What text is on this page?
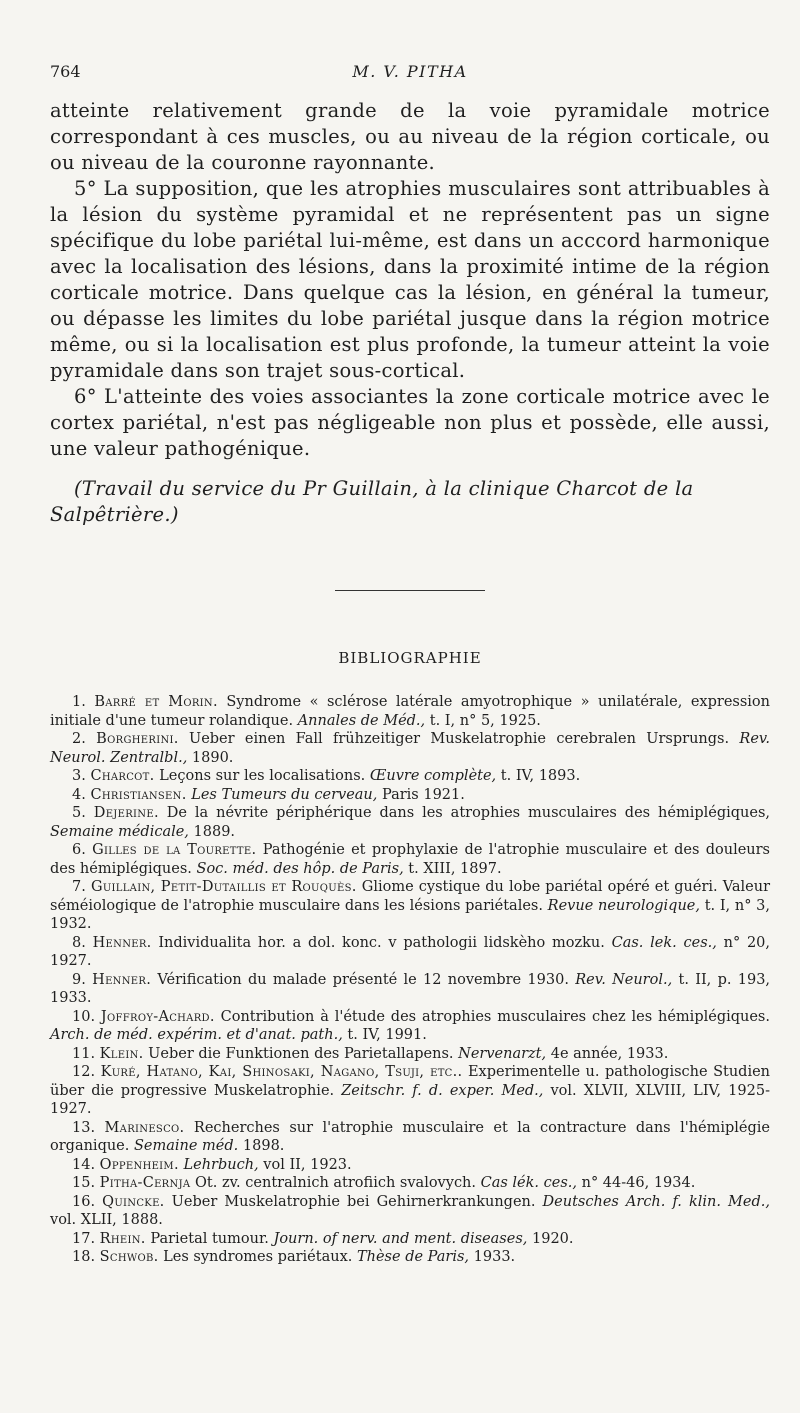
764	M. V. PITHA

atteinte relativement grande de la voie pyramidale motrice correspondant à ces muscles, ou au niveau de la région corticale, ou ou niveau de la couronne rayonnante.

5° La supposition, que les atrophies musculaires sont attribuables à la lésion du système pyramidal et ne représentent pas un signe spécifique du lobe pariétal lui-même, est dans un acccord harmonique avec la localisation des lésions, dans la proximité intime de la région corticale motrice. Dans quelque cas la lésion, en général la tumeur, ou dépasse les limites du lobe pariétal jusque dans la région motrice même, ou si la localisation est plus profonde, la tumeur atteint la voie pyramidale dans son trajet sous-cortical.

6° L'atteinte des voies associantes la zone corticale motrice avec le cortex pariétal, n'est pas négligeable non plus et possède, elle aussi, une valeur pathogénique.

(Travail du service du Pr Guillain, à la clinique Charcot de la Salpêtrière.)

BIBLIOGRAPHIE

1. Barré et Morin. Syndrome « sclérose latérale amyotrophique » unilatérale, expression initiale d'une tumeur rolandique. Annales de Méd., t. I, n° 5, 1925.

2. Borgherini. Ueber einen Fall frühzeitiger Muskelatrophie cerebralen Ursprungs. Rev. Neurol. Zentralbl., 1890.

3. Charcot. Leçons sur les localisations. Œuvre complète, t. IV, 1893.

4. Christiansen. Les Tumeurs du cerveau, Paris 1921.

5. Dejerine. De la névrite périphérique dans les atrophies musculaires des hémiplégiques, Semaine médicale, 1889.

6. Gilles de la Tourette. Pathogénie et prophylaxie de l'atrophie musculaire et des douleurs des hémiplégiques. Soc. méd. des hôp. de Paris, t. XIII, 1897.

7. Guillain, Petit-Dutaillis et Rouquès. Gliome cystique du lobe pariétal opéré et guéri. Valeur séméiologique de l'atrophie musculaire dans les lésions pariétales. Revue neurologique, t. I, n° 3, 1932.

8. Henner. Individualita hor. a dol. konc. v pathologii lidskèho mozku. Cas. lek. ces., n° 20, 1927.

9. Henner. Vérification du malade présenté le 12 novembre 1930. Rev. Neurol., t. II, p. 193, 1933.

10. Joffroy-Achard. Contribution à l'étude des atrophies musculaires chez les hémiplégiques. Arch. de méd. expérim. et d'anat. path., t. IV, 1991.

11. Klein. Ueber die Funktionen des Parietallapens. Nervenarzt, 4e année, 1933.

12. Kuré, Hatano, Kai, Shinosaki, Nagano, Tsuji, etc.. Experimentelle u. pathologische Studien über die progressive Muskelatrophie. Zeitschr. f. d. exper. Med., vol. XLVII, XLVIII, LIV, 1925-1927.

13. Marinesco. Recherches sur l'atrophie musculaire et la contracture dans l'hémiplégie organique. Semaine méd. 1898.

14. Oppenheim. Lehrbuch, vol II, 1923.

15. Pitha-Cernja Ot. zv. centralnich atrofiich svalovych. Cas lék. ces., n° 44-46, 1934.

16. Quincke. Ueber Muskelatrophie bei Gehirnerkrankungen. Deutsches Arch. f. klin. Med., vol. XLII, 1888.

17. Rhein. Parietal tumour. Journ. of nerv. and ment. diseases, 1920.

18. Schwob. Les syndromes pariétaux. Thèse de Paris, 1933.
